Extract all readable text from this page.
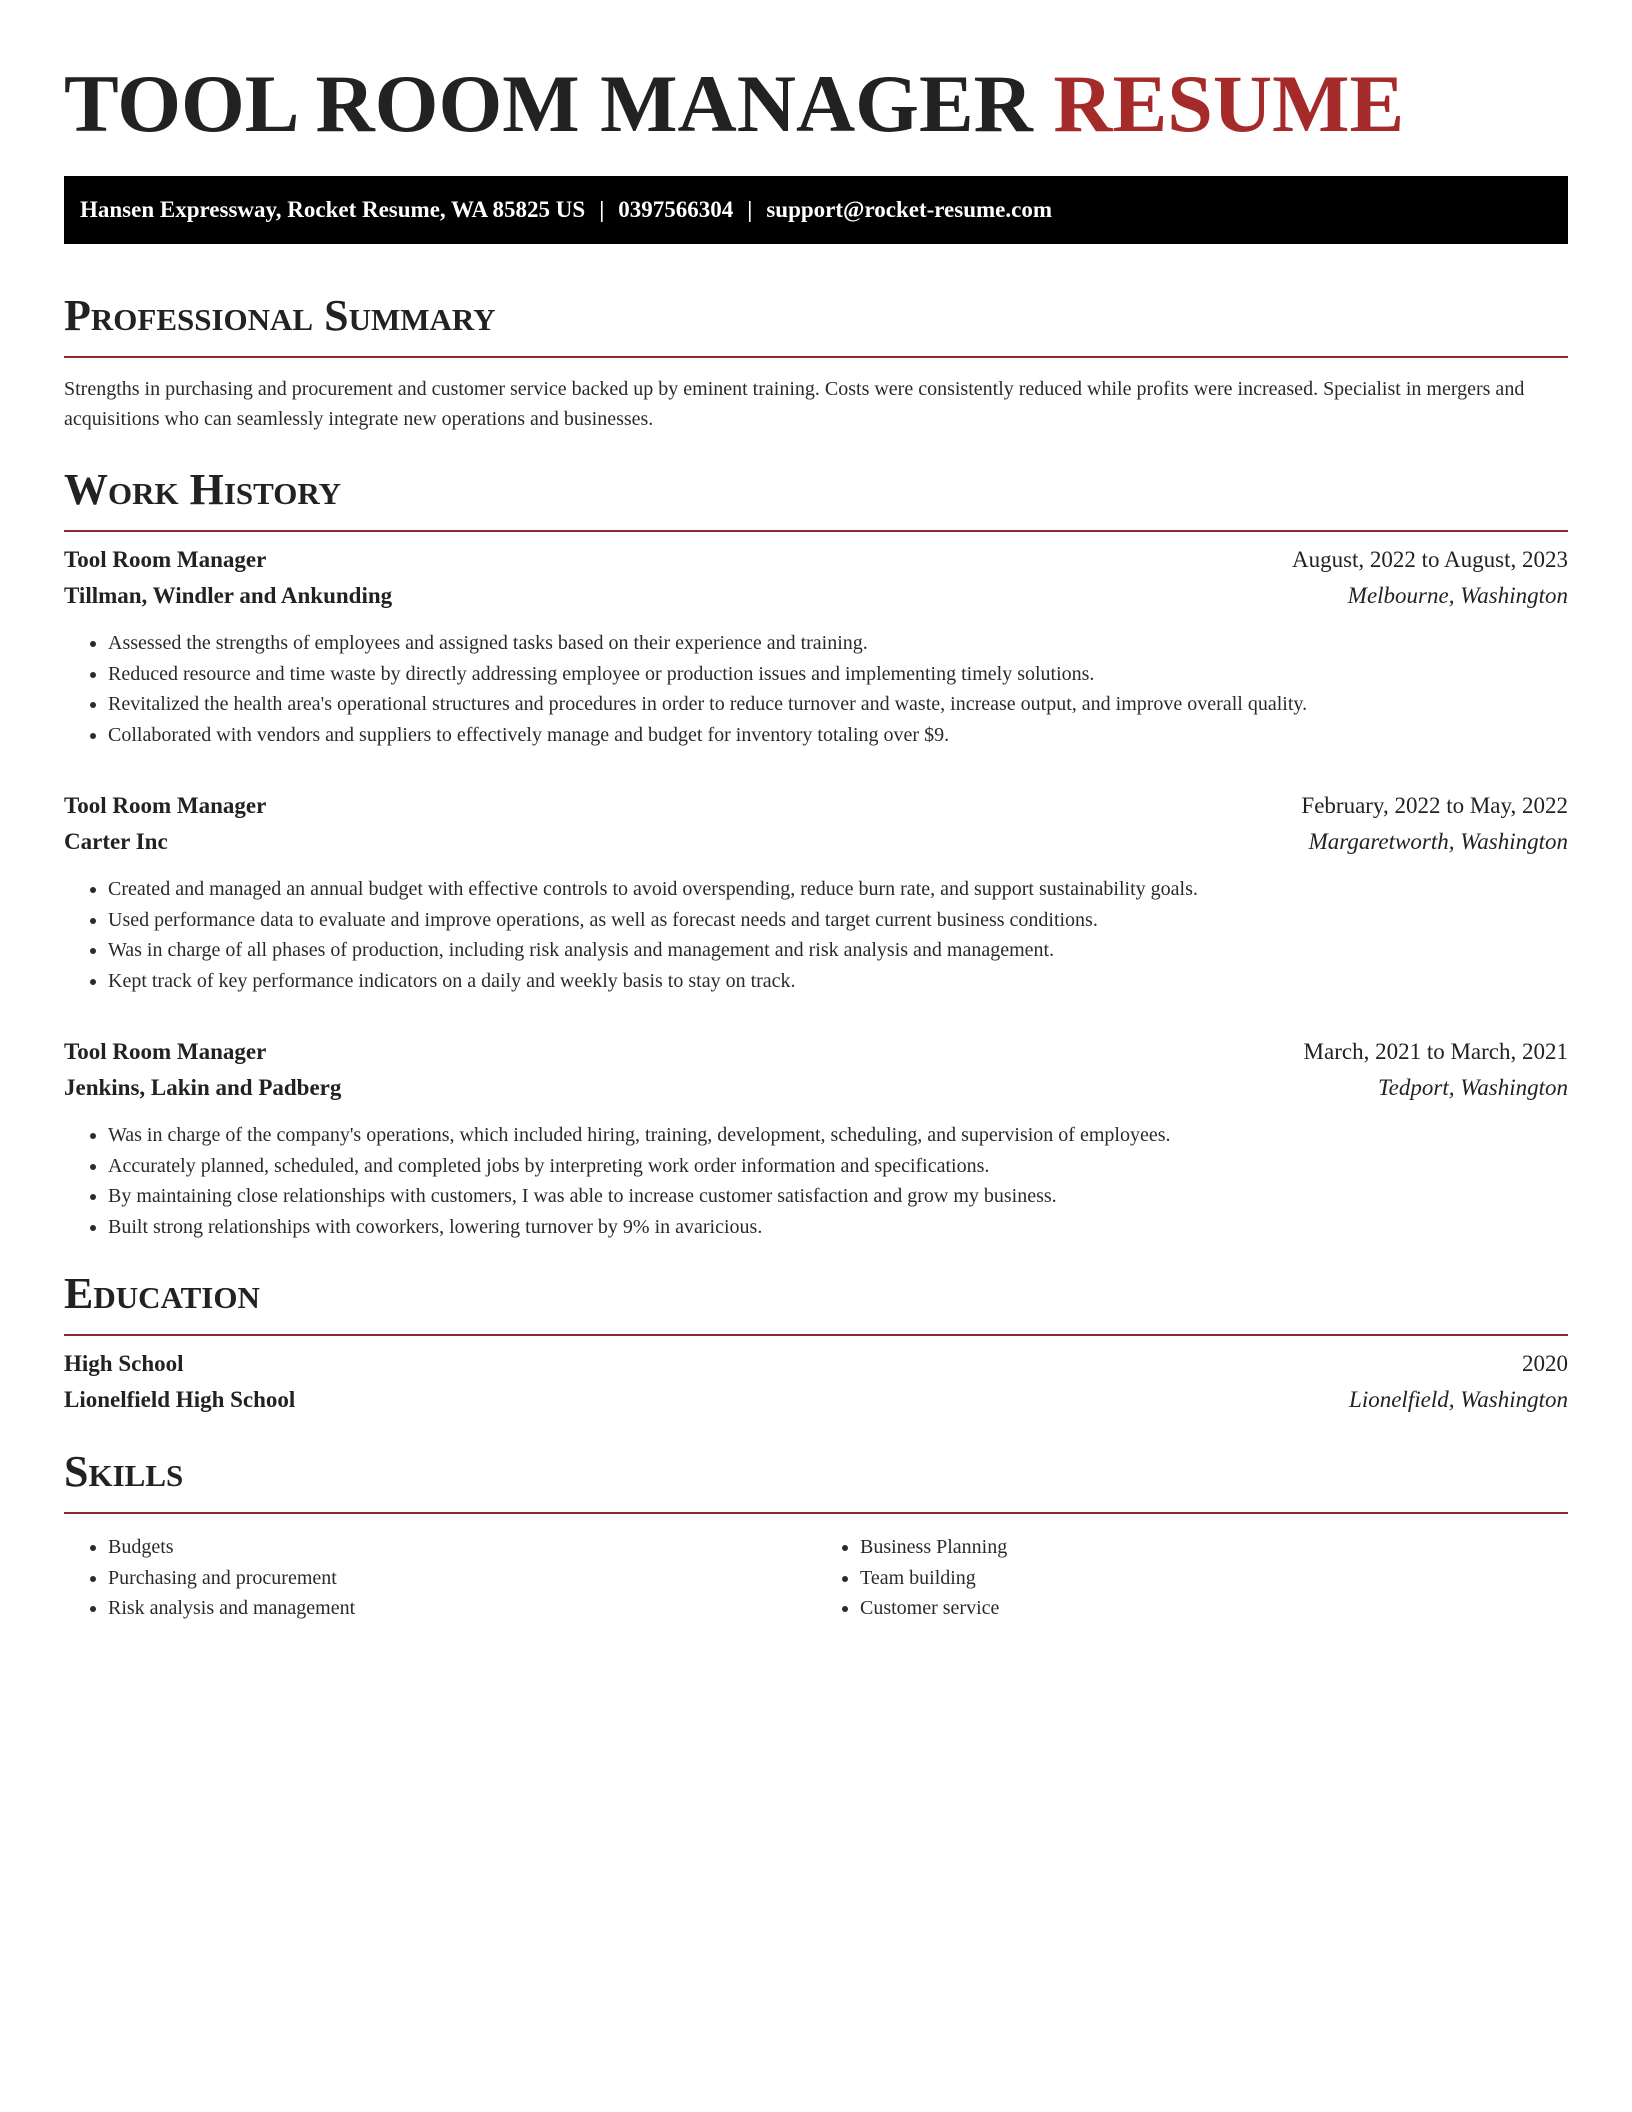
TOOL ROOM MANAGER RESUME
Hansen Expressway, Rocket Resume, WA 85825 US | 0397566304 | support@rocket-resume.com
Professional Summary

Strengths in purchasing and procurement and customer service backed up by eminent training. Costs were consistently reduced while profits were increased. Specialist in mergers and acquisitions who can seamlessly integrate new operations and businesses.

Work History
Tool Room Manager	August, 2022 to August, 2023
Tillman, Windler and Ankunding	Melbourne, Washington
• Assessed the strengths of employees and assigned tasks based on their experience and training.
• Reduced resource and time waste by directly addressing employee or production issues and implementing timely solutions.
• Revitalized the health area's operational structures and procedures in order to reduce turnover and waste, increase output, and improve overall quality.
• Collaborated with vendors and suppliers to effectively manage and budget for inventory totaling over $9.
Tool Room Manager	February, 2022 to May, 2022
Carter Inc	Margaretworth, Washington
• Created and managed an annual budget with effective controls to avoid overspending, reduce burn rate, and support sustainability goals.
• Used performance data to evaluate and improve operations, as well as forecast needs and target current business conditions.
• Was in charge of all phases of production, including risk analysis and management and risk analysis and management.
• Kept track of key performance indicators on a daily and weekly basis to stay on track.
Tool Room Manager	March, 2021 to March, 2021
Jenkins, Lakin and Padberg	Tedport, Washington
• Was in charge of the company's operations, which included hiring, training, development, scheduling, and supervision of employees.
• Accurately planned, scheduled, and completed jobs by interpreting work order information and specifications.
• By maintaining close relationships with customers, I was able to increase customer satisfaction and grow my business.
• Built strong relationships with coworkers, lowering turnover by 9% in avaricious.
Education
High School	2020
Lionelfield High School	Lionelfield, Washington
Skills
• Budgets
• Purchasing and procurement
• Risk analysis and management
• Business Planning
• Team building
• Customer service
